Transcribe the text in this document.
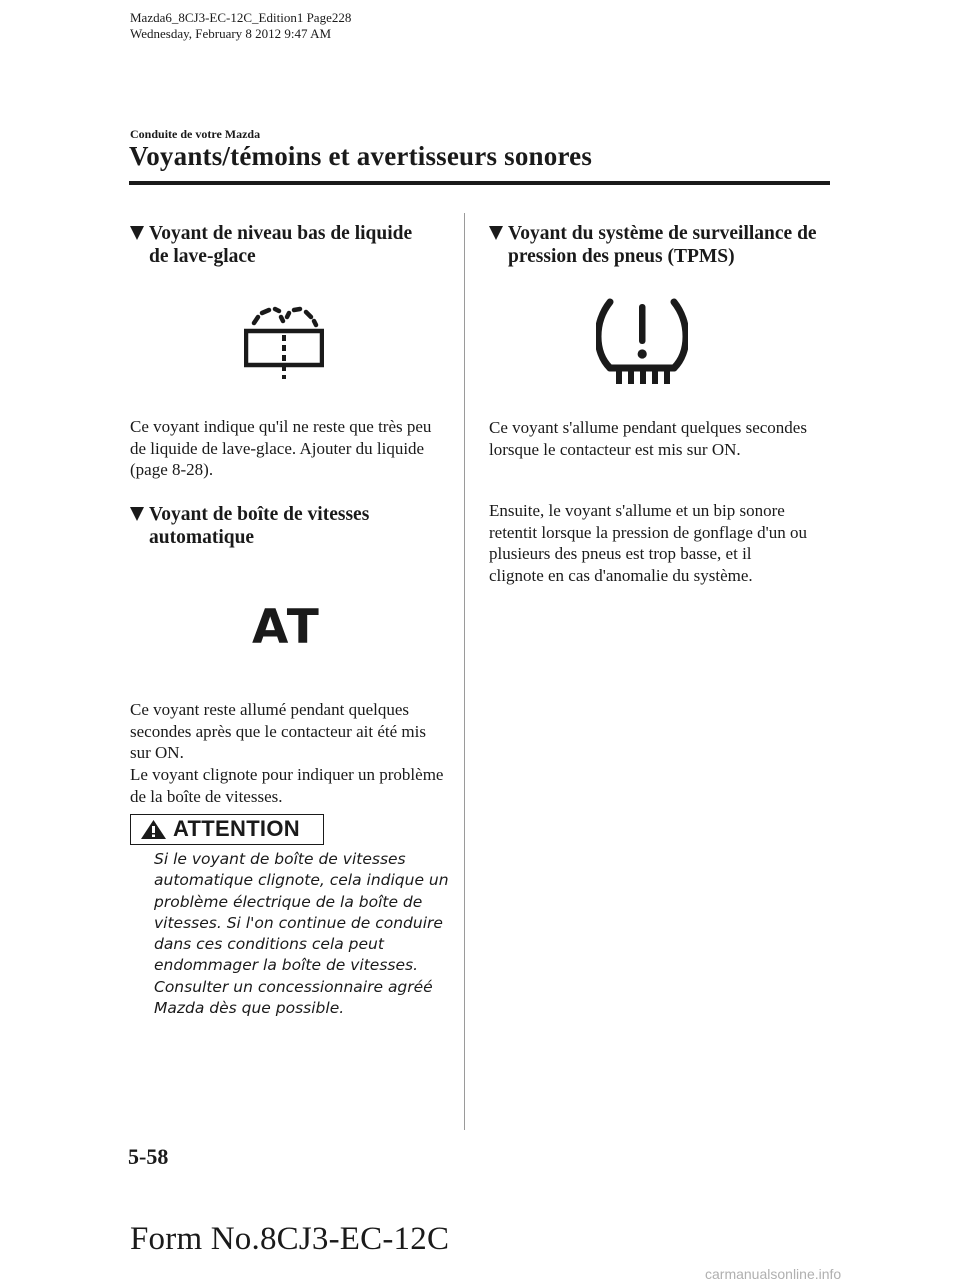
Mazda6_8CJ3-EC-12C_Edition1 Page228
Wednesday, February 8 2012 9:47 AM
Conduite de votre Mazda
Voyants/témoins et avertisseurs sonores
Voyant de niveau bas de liquide de lave-glace

Ce voyant indique qu'il ne reste que très peu de liquide de lave-glace. Ajouter du liquide (page 8-28).

Voyant de boîte de vitesses automatique
AT

Ce voyant reste allumé pendant quelques secondes après que le contacteur ait été mis sur ON.

Le voyant clignote pour indiquer un problème de la boîte de vitesses.

ATTENTION

Si le voyant de boîte de vitesses automatique clignote, cela indique un problème électrique de la boîte de vitesses. Si l'on continue de conduire dans ces conditions cela peut endommager la boîte de vitesses. Consulter un concessionnaire agréé Mazda dès que possible.

Voyant du système de surveillance de pression des pneus (TPMS)

Ce voyant s'allume pendant quelques secondes lorsque le contacteur est mis sur ON.

Ensuite, le voyant s'allume et un bip sonore retentit lorsque la pression de gonflage d'un ou plusieurs des pneus est trop basse, et il clignote en cas d'anomalie du système.

5-58
Form No.8CJ3-EC-12C
carmanualsonline.info
